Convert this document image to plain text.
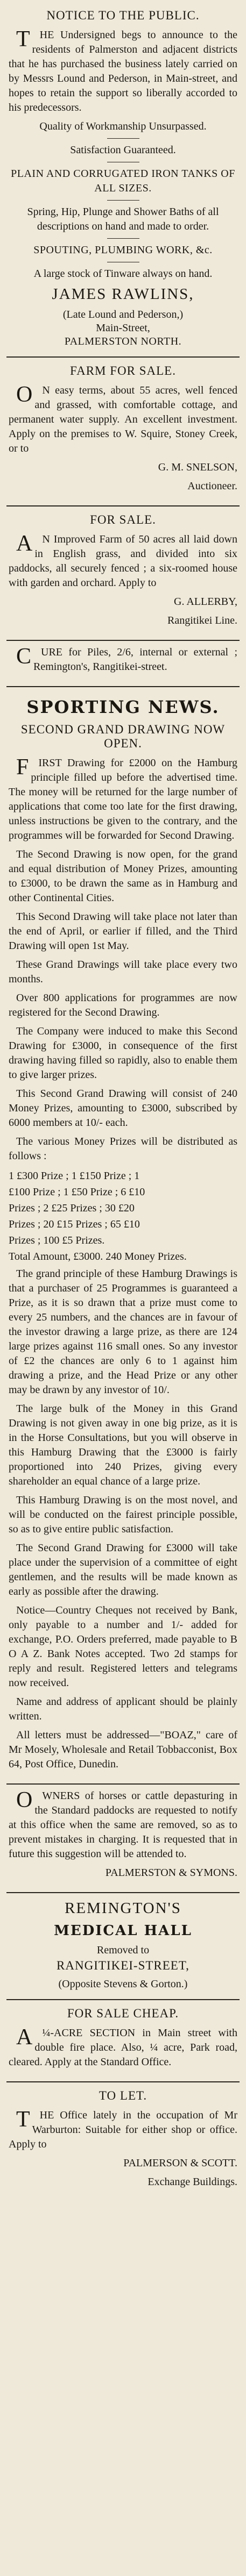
NOTICE TO THE PUBLIC.

THE Undersigned begs to announce to the residents of Palmerston and adjacent districts that he has purchased the business lately carried on by Messrs Lound and Pederson, in Main-street, and hopes to retain the support so liberally accorded to his predecessors.

Quality of Workmanship Unsurpassed.

Satisfaction Guaranteed.

PLAIN AND CORRUGATED IRON TANKS OF ALL SIZES.

Spring, Hip, Plunge and Shower Baths of all descriptions on hand and made to order.

SPOUTING, PLUMBING WORK, &c.

A large stock of Tinware always on hand.

JAMES RAWLINS,
(Late Lound and Pederson,)
Main-Street,
PALMERSTON NORTH.
FARM FOR SALE.

ON easy terms, about 55 acres, well fenced and grassed, with comfortable cottage, and permanent water supply. An excellent investment. Apply on the premises to W. Squire, Stoney Creek, or to

G. M. SNELSON,

Auctioneer.

FOR SALE.

AN Improved Farm of 50 acres all laid down in English grass, and divided into six paddocks, all securely fenced ; a six-roomed house with garden and orchard. Apply to

G. ALLERBY,

Rangitikei Line.

CURE for Piles, 2/6, internal or external ; Remington's, Rangitikei-street.

SPORTING NEWS.
SECOND GRAND DRAWING NOW OPEN.

FIRST Drawing for £2000 on the Hamburg principle filled up before the advertised time. The money will be returned for the large number of applications that come too late for the first drawing, unless instructions be given to the contrary, and the programmes will be forwarded for Second Drawing.

The Second Drawing is now open, for the grand and equal distribution of Money Prizes, amounting to £3000, to be drawn the same as in Hamburg and other Continental Cities.

This Second Drawing will take place not later than the end of April, or earlier if filled, and the Third Drawing will open 1st May.

These Grand Drawings will take place every two months.

Over 800 applications for programmes are now registered for the Second Drawing.

The Company were induced to make this Second Drawing for £3000, in consequence of the first drawing having filled so rapidly, also to enable them to give larger prizes.

This Second Grand Drawing will consist of 240 Money Prizes, amounting to £3000, subscribed by 6000 members at 10/- each.

The various Money Prizes will be distributed as follows :

1 £300 Prize ; 1 £150 Prize ; 1
£100 Prize ; 1 £50 Prize ; 6 £10
Prizes ; 2 £25 Prizes ; 30 £20
Prizes ; 20 £15 Prizes ; 65 £10
Prizes ; 100 £5 Prizes.
Total Amount, £3000. 240 Money Prizes.

The grand principle of these Hamburg Drawings is that a purchaser of 25 Programmes is guaranteed a Prize, as it is so drawn that a prize must come to every 25 numbers, and the chances are in favour of the investor drawing a large prize, as there are 124 large prizes against 116 small ones. So any investor of £2 the chances are only 6 to 1 against him drawing a prize, and the Head Prize or any other may be drawn by any investor of 10/.

The large bulk of the Money in this Grand Drawing is not given away in one big prize, as it is in the Horse Consultations, but you will observe in this Hamburg Drawing that the £3000 is fairly proportioned into 240 Prizes, giving every shareholder an equal chance of a large prize.

This Hamburg Drawing is on the most novel, and will be conducted on the fairest principle possible, so as to give entire public satisfaction.

The Second Grand Drawing for £3000 will take place under the supervision of a committee of eight gentlemen, and the results will be made known as early as possible after the drawing.

Notice—Country Cheques not received by Bank, only payable to a number and 1/- added for exchange, P.O. Orders preferred, made payable to B O A Z. Bank Notes accepted. Two 2d stamps for reply and result. Registered letters and telegrams now received.

Name and address of applicant should be plainly written.

All letters must be addressed—"BOAZ," care of Mr Mosely, Wholesale and Retail Tobbacconist, Box 64, Post Office, Dunedin.

OWNERS of horses or cattle depasturing in the Standard paddocks are requested to notify at this office when the same are removed, so as to prevent mistakes in charging. It is requested that in future this suggestion will be attended to.

PALMERSTON & SYMONS.

REMINGTON'S
MEDICAL HALL
Removed to
RANGITIKEI-STREET,
(Opposite Stevens & Gorton.)
FOR SALE CHEAP.

A¼-ACRE SECTION in Main street with double fire place. Also, ¼ acre, Park road, cleared. Apply at the Standard Office.

TO LET.

THE Office lately in the occupation of Mr Warburton: Suitable for either shop or office. Apply to

PALMERSON & SCOTT.

Exchange Buildings.
